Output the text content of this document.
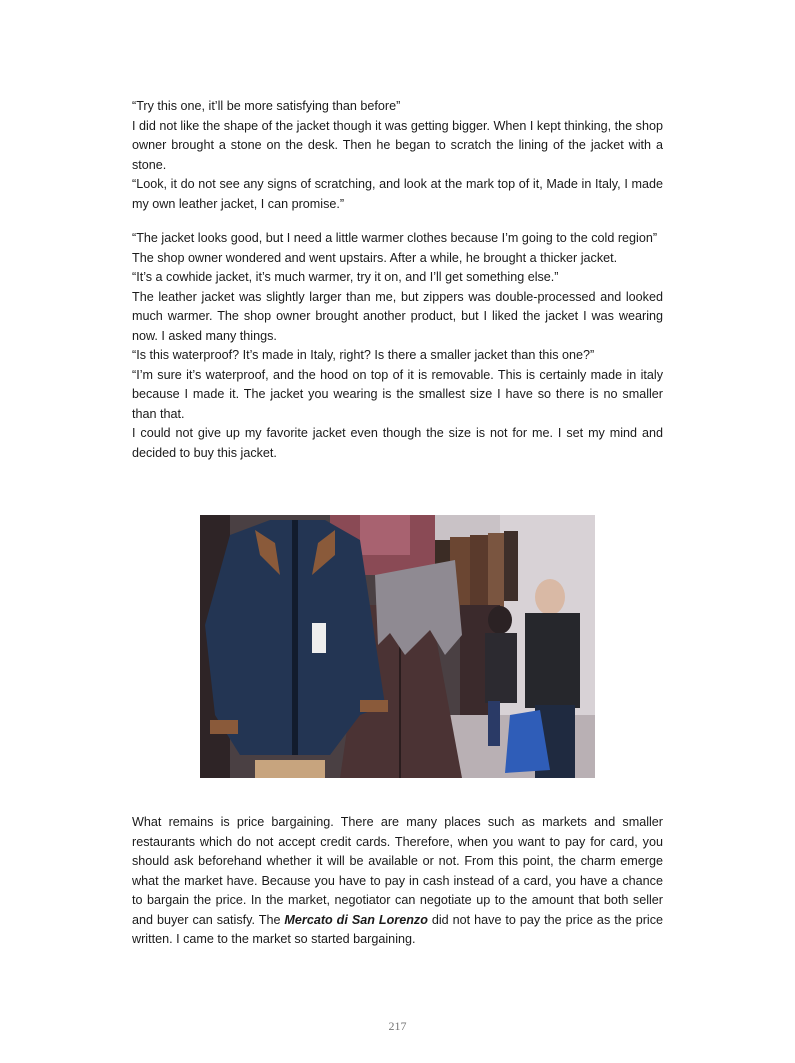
“Try this one, it’ll be more satisfying than before”

I did not like the shape of the jacket though it was getting bigger. When I kept thinking, the shop owner brought a stone on the desk. Then he began to scratch the lining of the jacket with a stone.

“Look, it do not see any signs of scratching, and look at the mark top of it, Made in Italy, I made my own leather jacket, I can promise.”

“The jacket looks good, but I need a little warmer clothes because I’m going to the cold region”

The shop owner wondered and went upstairs. After a while, he brought a thicker jacket.

“It’s a cowhide jacket, it’s much warmer, try it on, and I’ll get something else.”

The leather jacket was slightly larger than me, but zippers was double-processed and looked much warmer. The shop owner brought another product, but I liked the jacket I was wearing now. I asked many things.

“Is this waterproof? It’s made in Italy, right? Is there a smaller jacket than this one?”

“I’m sure it’s waterproof, and the hood on top of it is removable. This is certainly made in italy because I made it. The jacket you wearing is the smallest size I have so there is no smaller than that.

I could not give up my favorite jacket even though the size is not for me. I set my mind and decided to buy this jacket.

What remains is price bargaining. There are many places such as markets and smaller restaurants which do not accept credit cards. Therefore, when you want to pay for card, you should ask beforehand whether it will be available or not. From this point, the charm emerge what the market have. Because you have to pay in cash instead of a card, you have a chance to bargain the price. In the market, negotiator can negotiate up to the amount that both seller and buyer can satisfy. The Mercato di San Lorenzo did not have to pay the price as the price written. I came to the market so started bargaining.

217
